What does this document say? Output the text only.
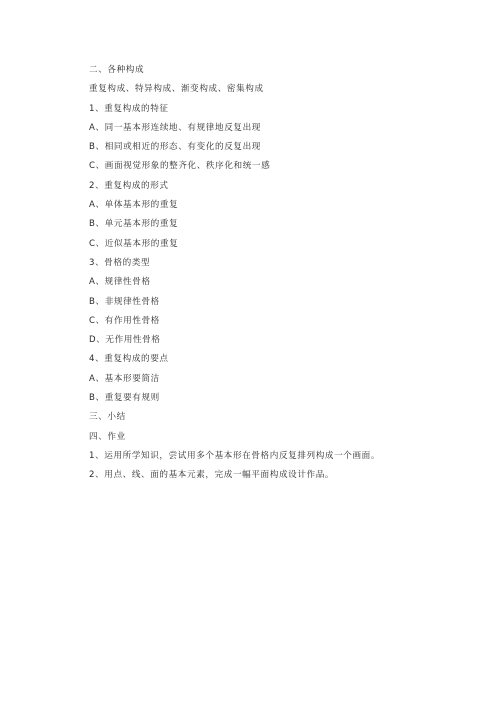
二、各种构成
重复构成、特异构成、渐变构成、密集构成
1、重复构成的特征
A、同一基本形连续地、有规律地反复出现
B、相同或相近的形态、有变化的反复出现
C、画面视觉形象的整齐化、秩序化和统一感
2、重复构成的形式
A、单体基本形的重复
B、单元基本形的重复
C、近似基本形的重复
3、骨格的类型
A、规律性骨格
B、非规律性骨格
C、有作用性骨格
D、无作用性骨格
4、重复构成的要点
A、基本形要简洁
B、重复要有规则
三、小结
四、作业
1、运用所学知识，尝试用多个基本形在骨格内反复排列构成一个画面。
2、用点、线、面的基本元素，完成一幅平面构成设计作品。
